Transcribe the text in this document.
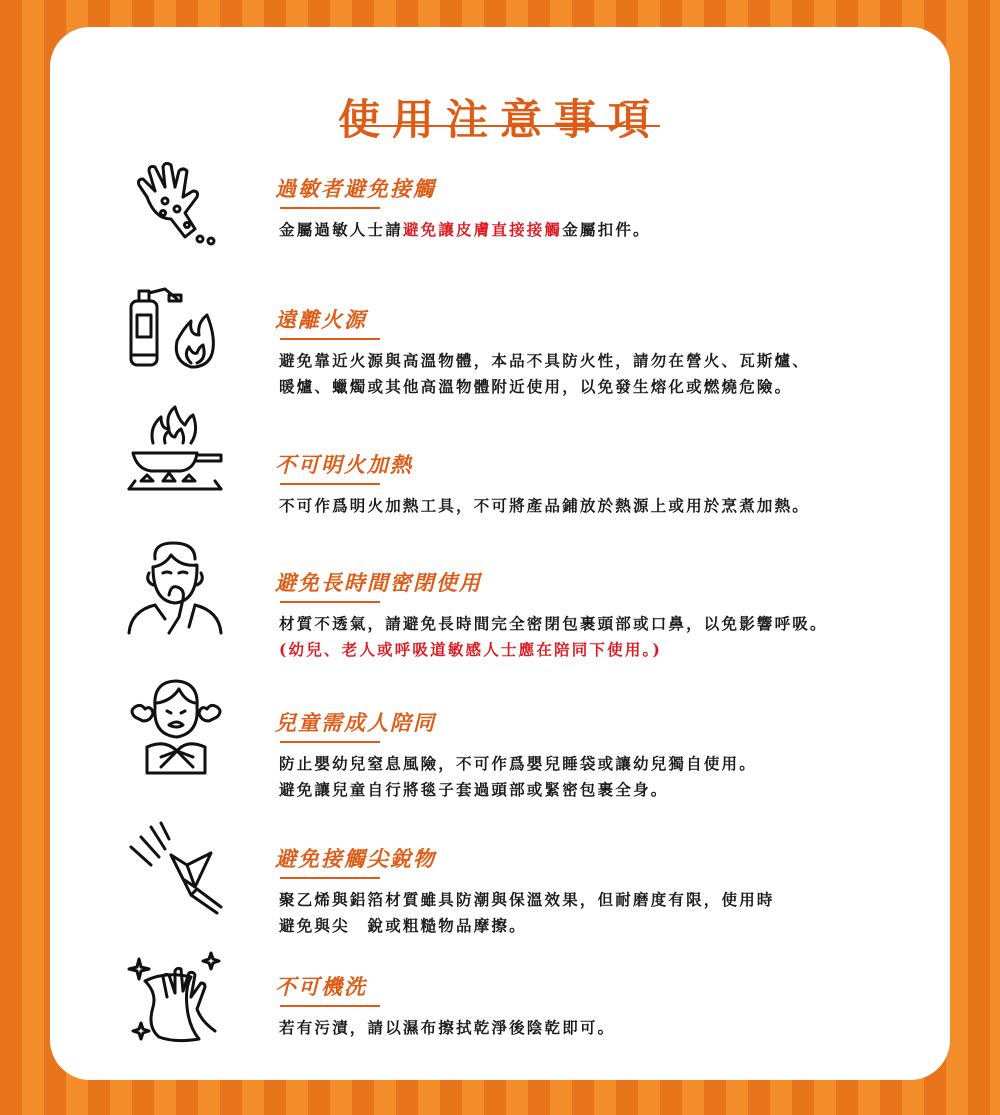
使用注意事項
過敏者避免接觸
金屬過敏人士請避免讓皮膚直接接觸金屬扣件。
遠離火源
避免靠近火源與高溫物體，本品不具防火性，請勿在營火、瓦斯爐、
暖爐、蠟燭或其他高溫物體附近使用，以免發生熔化或燃燒危險。
不可明火加熱
不可作爲明火加熱工具，不可將產品鋪放於熱源上或用於烹煮加熱。
避免長時間密閉使用
材質不透氣，請避免長時間完全密閉包裹頭部或口鼻，以免影響呼吸。
(幼兒、老人或呼吸道敏感人士應在陪同下使用。)
兒童需成人陪同
防止嬰幼兒窒息風險，不可作爲嬰兒睡袋或讓幼兒獨自使用。
避免讓兒童自行將毯子套過頭部或緊密包裹全身。
避免接觸尖銳物
聚乙烯與鋁箔材質雖具防潮與保溫效果，但耐磨度有限，使用時
避免與尖　銳或粗糙物品摩擦。
不可機洗
若有污漬，請以濕布擦拭乾淨後陰乾即可。
